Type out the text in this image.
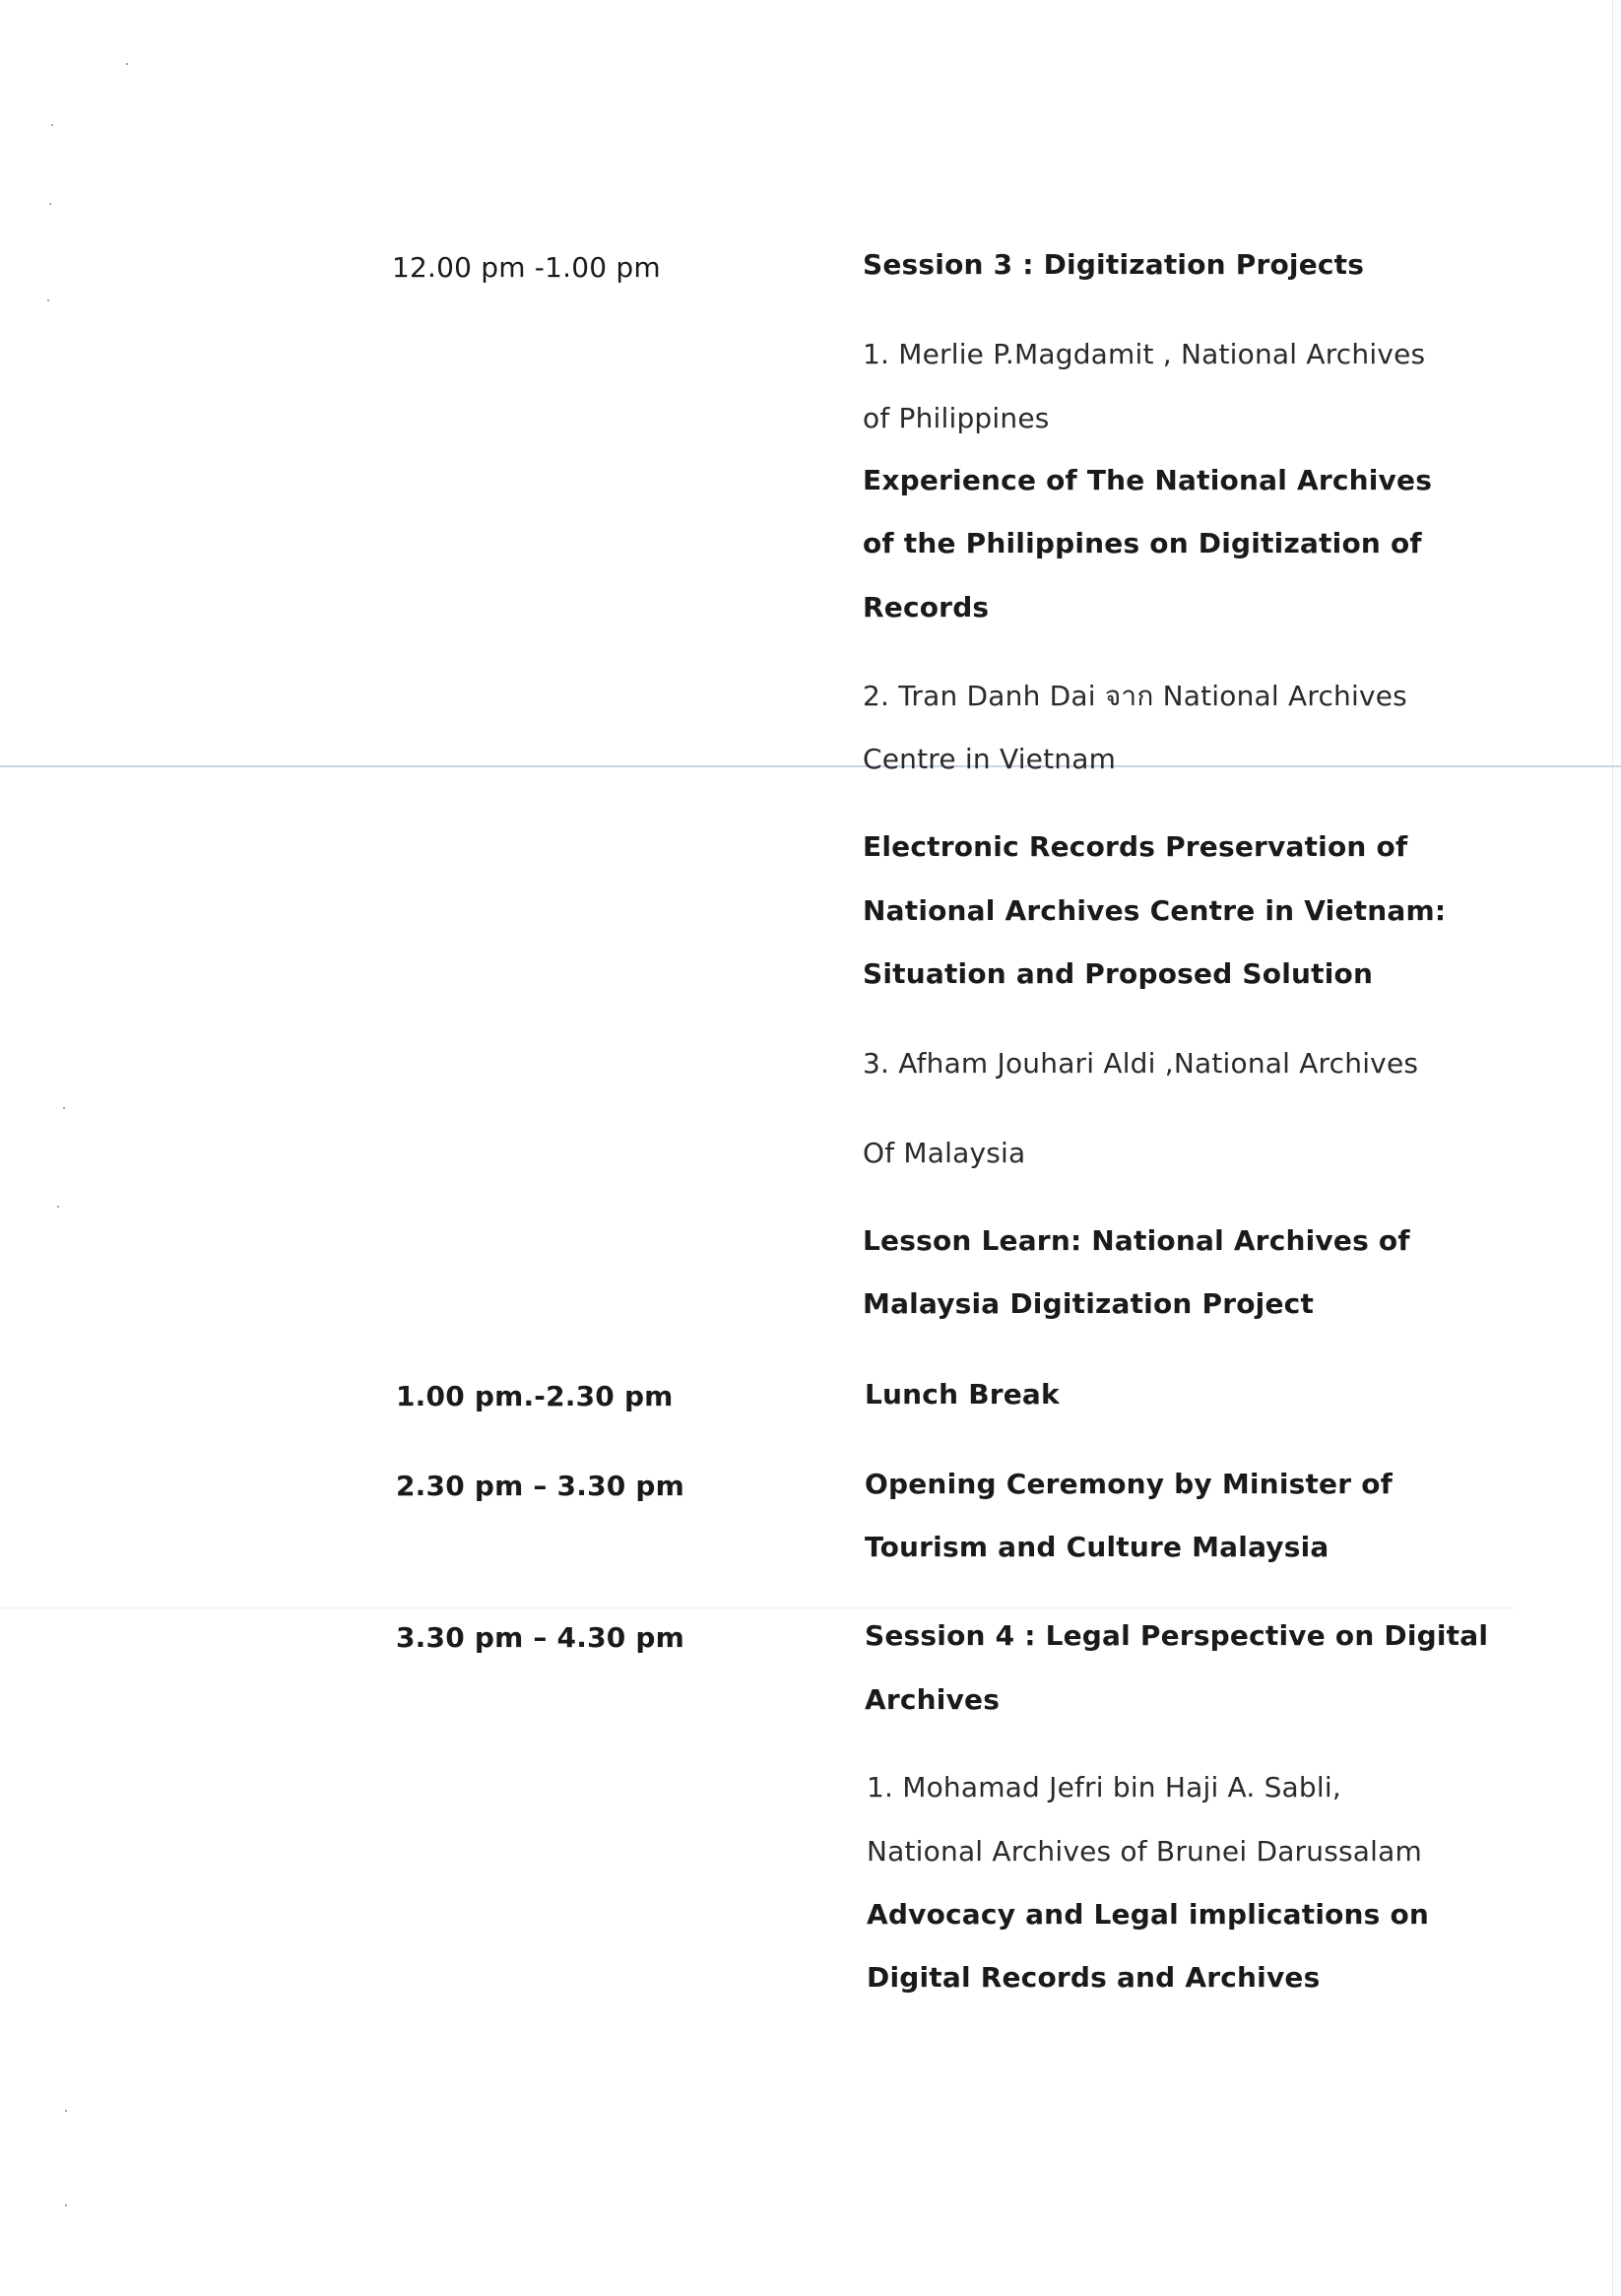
12.00 pm -1.00 pm	Session 3 : Digitization Projects
1. Merlie P.Magdamit , National Archives
of Philippines
Experience of The National Archives
of the Philippines on Digitization of
Records
2. Tran Danh Dai จาก National Archives
Centre in Vietnam
Electronic Records Preservation of
National Archives Centre in Vietnam:
Situation and Proposed Solution
3. Afham Jouhari Aldi ,National Archives
Of Malaysia
Lesson Learn: National Archives of
Malaysia Digitization Project
1.00 pm.-2.30 pm	Lunch Break
2.30 pm – 3.30 pm	Opening Ceremony by Minister of
Tourism and Culture Malaysia
3.30 pm – 4.30 pm	Session 4 : Legal Perspective on Digital
Archives
1. Mohamad Jefri bin Haji A. Sabli,
National Archives of Brunei Darussalam
Advocacy and Legal implications on
Digital Records and Archives
